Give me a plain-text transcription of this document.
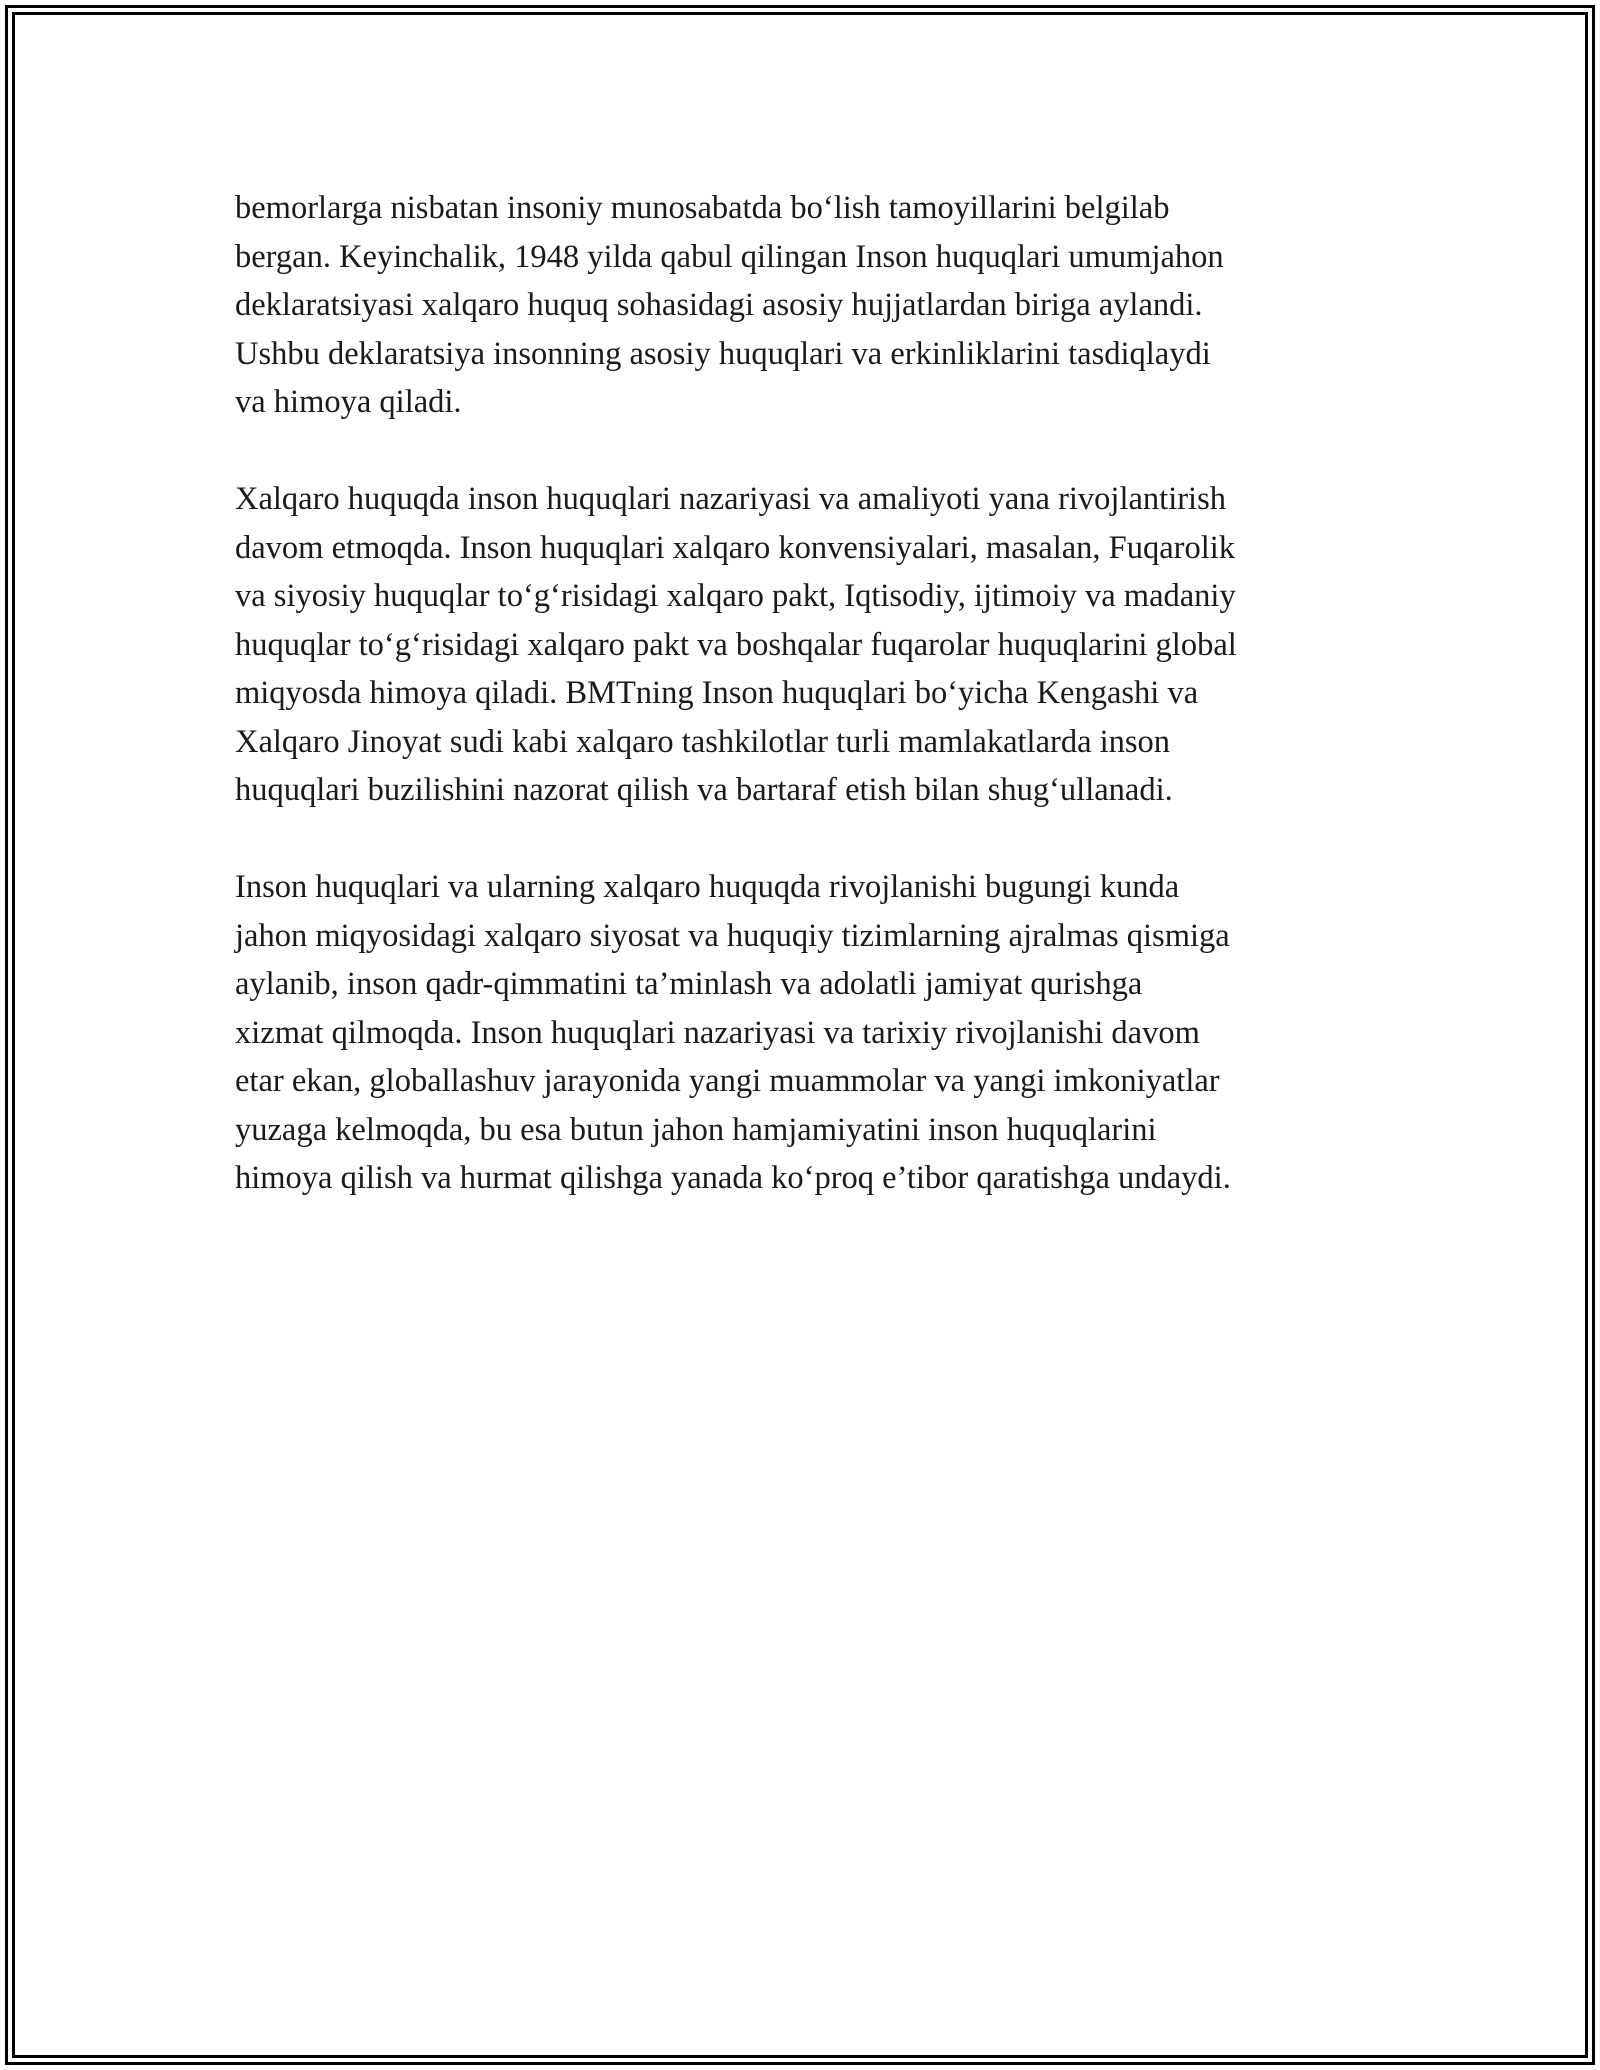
bemorlarga nisbatan insoniy munosabatda bo‘lish tamoyillarini belgilab
bergan. Keyinchalik, 1948 yilda qabul qilingan Inson huquqlari umumjahon
deklaratsiyasi xalqaro huquq sohasidagi asosiy hujjatlardan biriga aylandi.
Ushbu deklaratsiya insonning asosiy huquqlari va erkinliklarini tasdiqlaydi
va himoya qiladi.

Xalqaro huquqda inson huquqlari nazariyasi va amaliyoti yana rivojlantirish
davom etmoqda. Inson huquqlari xalqaro konvensiyalari, masalan, Fuqarolik
va siyosiy huquqlar to‘g‘risidagi xalqaro pakt, Iqtisodiy, ijtimoiy va madaniy
huquqlar to‘g‘risidagi xalqaro pakt va boshqalar fuqarolar huquqlarini global
miqyosda himoya qiladi. BMTning Inson huquqlari bo‘yicha Kengashi va
Xalqaro Jinoyat sudi kabi xalqaro tashkilotlar turli mamlakatlarda inson
huquqlari buzilishini nazorat qilish va bartaraf etish bilan shug‘ullanadi.

Inson huquqlari va ularning xalqaro huquqda rivojlanishi bugungi kunda
jahon miqyosidagi xalqaro siyosat va huquqiy tizimlarning ajralmas qismiga
aylanib, inson qadr-qimmatini ta’minlash va adolatli jamiyat qurishga
xizmat qilmoqda. Inson huquqlari nazariyasi va tarixiy rivojlanishi davom
etar ekan, globallashuv jarayonida yangi muammolar va yangi imkoniyatlar
yuzaga kelmoqda, bu esa butun jahon hamjamiyatini inson huquqlarini
himoya qilish va hurmat qilishga yanada ko‘proq e’tibor qaratishga undaydi.
